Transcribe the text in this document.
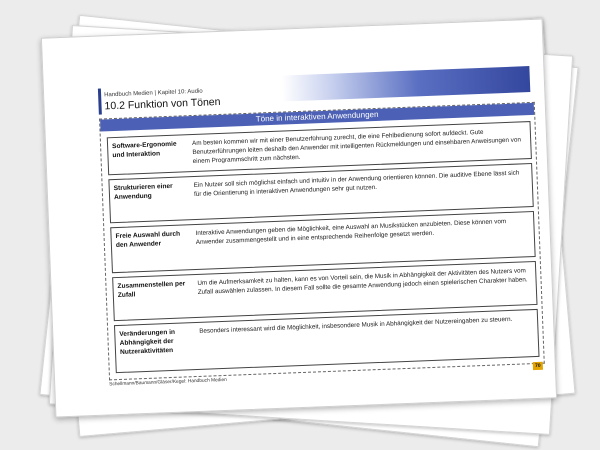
Handbuch Medien | Kapitel 10: Audio
10.2 Funktion von Tönen
Töne in interaktiven Anwendungen
Software-Ergonomie und Interaktion
Am besten kommen wir mit einer Benutzerführung zurecht, die eine Fehlbedienung sofort aufdeckt. Gute Benutzerführungen leiten deshalb den Anwender mit intelligenten Rückmeldungen und einsehbaren Anweisungen von einem Programmschritt zum nächsten.
Strukturieren einer Anwendung
Ein Nutzer soll sich möglichst einfach und intuitiv in der Anwendung orientieren können. Die auditive Ebene lässt sich für die Orientierung in interaktiven Anwendungen sehr gut nutzen.
Freie Auswahl durch den Anwender
Interaktive Anwendungen geben die Möglichkeit, eine Auswahl an Musikstücken anzubieten. Diese können vom Anwender zusammengestellt und in eine entsprechende Reihenfolge gesetzt werden.
Zusammenstellen per Zufall
Um die Aufmerksamkeit zu halten, kann es von Vorteil sein, die Musik in Abhängigkeit der Aktivitäten des Nutzers vom Zufall auswählen zulassen. In diesem Fall sollte die gesamte Anwendung jedoch einen spielerischen Charakter haben.
Veränderungen in Abhängigkeit der Nutzeraktivitäten
Besonders interessant wird die Möglichkeit, insbesondere Musik in Abhängigkeit der Nutzereingaben zu steuern.
Schellmann/Baumann/Gläser/Kegel: Handbuch Medien
70
